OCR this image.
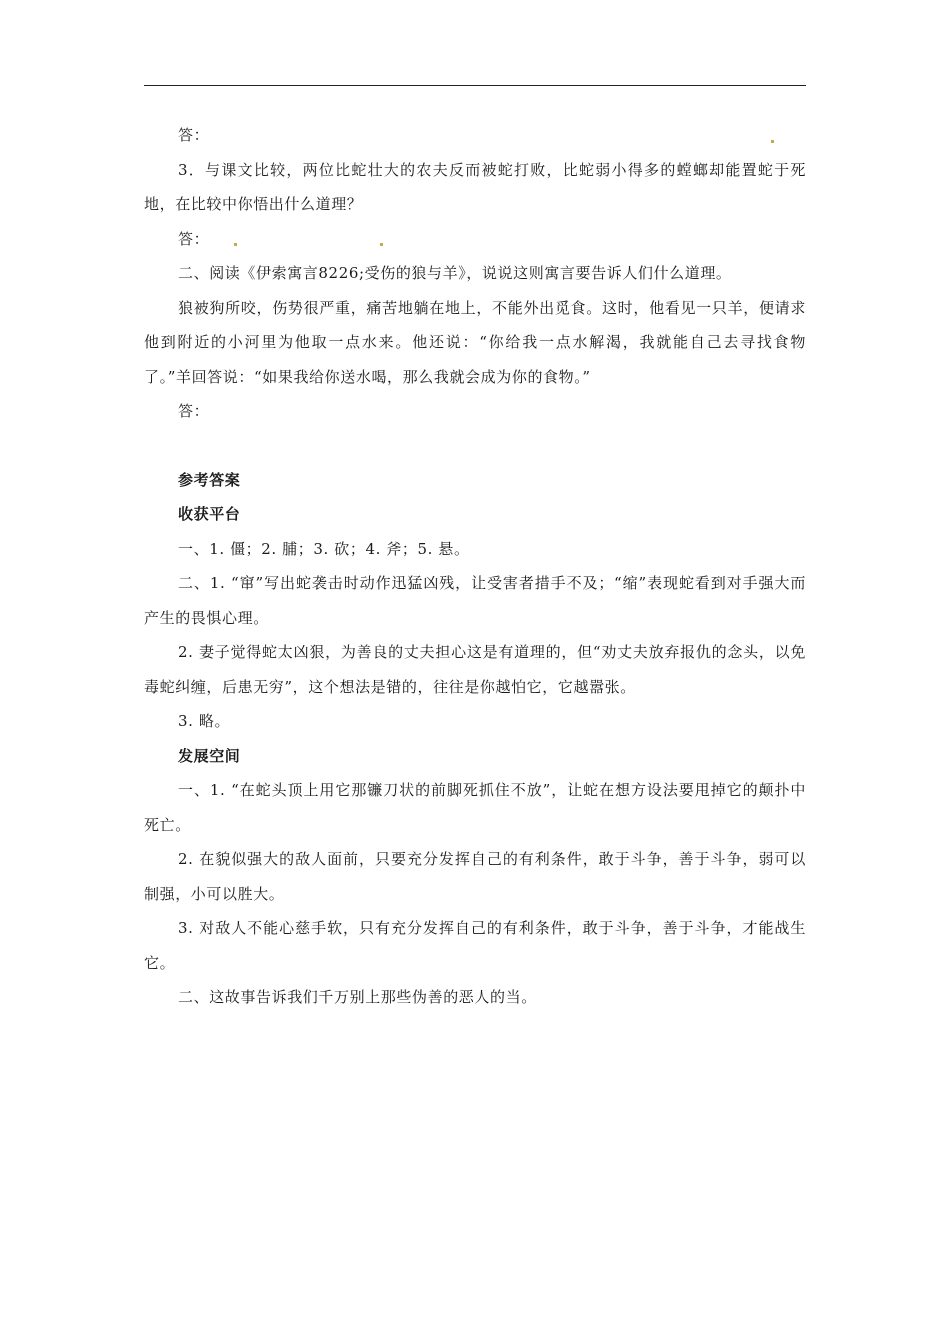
答：

3．与课文比较，两位比蛇壮大的农夫反而被蛇打败，比蛇弱小得多的螳螂却能置蛇于死地，在比较中你悟出什么道理？

答：

二、阅读《伊索寓言8226;受伤的狼与羊》，说说这则寓言要告诉人们什么道理。

狼被狗所咬，伤势很严重，痛苦地躺在地上，不能外出觅食。这时，他看见一只羊，便请求他到附近的小河里为他取一点水来。他还说：“你给我一点水解渴，我就能自己去寻找食物了。”羊回答说：“如果我给你送水喝，那么我就会成为你的食物。”

答：

参考答案

收获平台

一、1. 僵；2. 脯；3. 砍；4. 斧；5. 悬。

二、1. “窜”写出蛇袭击时动作迅猛凶残，让受害者措手不及；“缩”表现蛇看到对手强大而产生的畏惧心理。

2. 妻子觉得蛇太凶狠，为善良的丈夫担心这是有道理的，但“劝丈夫放弃报仇的念头，以免毒蛇纠缠，后患无穷”，这个想法是错的，往往是你越怕它，它越嚣张。

3. 略。

发展空间

一、1. “在蛇头顶上用它那镰刀状的前脚死抓住不放”，让蛇在想方设法要甩掉它的颠扑中死亡。

2. 在貌似强大的敌人面前，只要充分发挥自己的有利条件，敢于斗争，善于斗争，弱可以制强，小可以胜大。

3. 对敌人不能心慈手软，只有充分发挥自己的有利条件，敢于斗争，善于斗争，才能战生它。

二、这故事告诉我们千万别上那些伪善的恶人的当。
